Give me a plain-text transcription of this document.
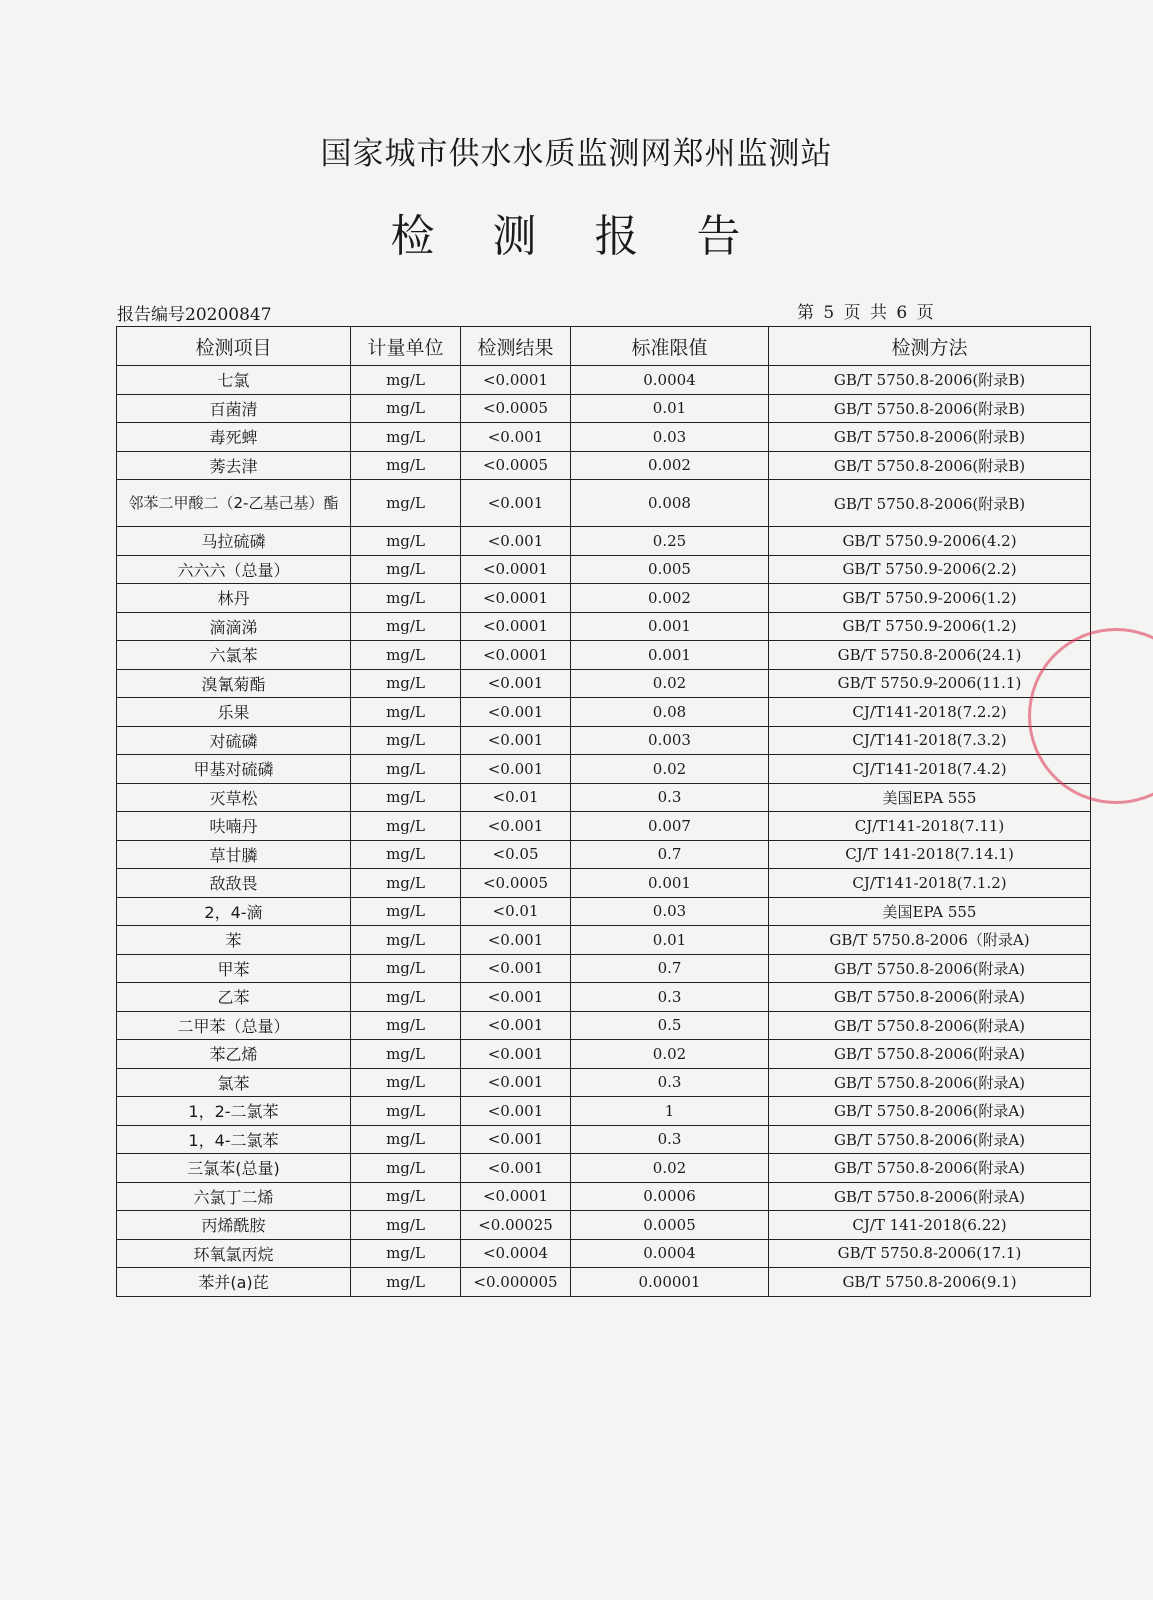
国家城市供水水质监测网郑州监测站
检 测 报 告
报告编号20200847	第 5 页 共 6 页
检测项目	计量单位	检测结果	标准限值	检测方法
七氯	mg/L	<0.0001	0.0004	GB/T 5750.8-2006(附录B)
百菌清	mg/L	<0.0005	0.01	GB/T 5750.8-2006(附录B)
毒死蜱	mg/L	<0.001	0.03	GB/T 5750.8-2006(附录B)
莠去津	mg/L	<0.0005	0.002	GB/T 5750.8-2006(附录B)
邻苯二甲酸二（2-乙基己基）酯	mg/L	<0.001	0.008	GB/T 5750.8-2006(附录B)
马拉硫磷	mg/L	<0.001	0.25	GB/T 5750.9-2006(4.2)
六六六（总量）	mg/L	<0.0001	0.005	GB/T 5750.9-2006(2.2)
林丹	mg/L	<0.0001	0.002	GB/T 5750.9-2006(1.2)
滴滴涕	mg/L	<0.0001	0.001	GB/T 5750.9-2006(1.2)
六氯苯	mg/L	<0.0001	0.001	GB/T 5750.8-2006(24.1)
溴氰菊酯	mg/L	<0.001	0.02	GB/T 5750.9-2006(11.1)
乐果	mg/L	<0.001	0.08	CJ/T141-2018(7.2.2)
对硫磷	mg/L	<0.001	0.003	CJ/T141-2018(7.3.2)
甲基对硫磷	mg/L	<0.001	0.02	CJ/T141-2018(7.4.2)
灭草松	mg/L	<0.01	0.3	美国EPA 555
呋喃丹	mg/L	<0.001	0.007	CJ/T141-2018(7.11)
草甘膦	mg/L	<0.05	0.7	CJ/T 141-2018(7.14.1)
敌敌畏	mg/L	<0.0005	0.001	CJ/T141-2018(7.1.2)
2，4-滴	mg/L	<0.01	0.03	美国EPA 555
苯	mg/L	<0.001	0.01	GB/T 5750.8-2006（附录A)
甲苯	mg/L	<0.001	0.7	GB/T 5750.8-2006(附录A)
乙苯	mg/L	<0.001	0.3	GB/T 5750.8-2006(附录A)
二甲苯（总量）	mg/L	<0.001	0.5	GB/T 5750.8-2006(附录A)
苯乙烯	mg/L	<0.001	0.02	GB/T 5750.8-2006(附录A)
氯苯	mg/L	<0.001	0.3	GB/T 5750.8-2006(附录A)
1，2-二氯苯	mg/L	<0.001	1	GB/T 5750.8-2006(附录A)
1，4-二氯苯	mg/L	<0.001	0.3	GB/T 5750.8-2006(附录A)
三氯苯(总量)	mg/L	<0.001	0.02	GB/T 5750.8-2006(附录A)
六氯丁二烯	mg/L	<0.0001	0.0006	GB/T 5750.8-2006(附录A)
丙烯酰胺	mg/L	<0.00025	0.0005	CJ/T 141-2018(6.22)
环氧氯丙烷	mg/L	<0.0004	0.0004	GB/T 5750.8-2006(17.1)
苯并(a)芘	mg/L	<0.000005	0.00001	GB/T 5750.8-2006(9.1)
